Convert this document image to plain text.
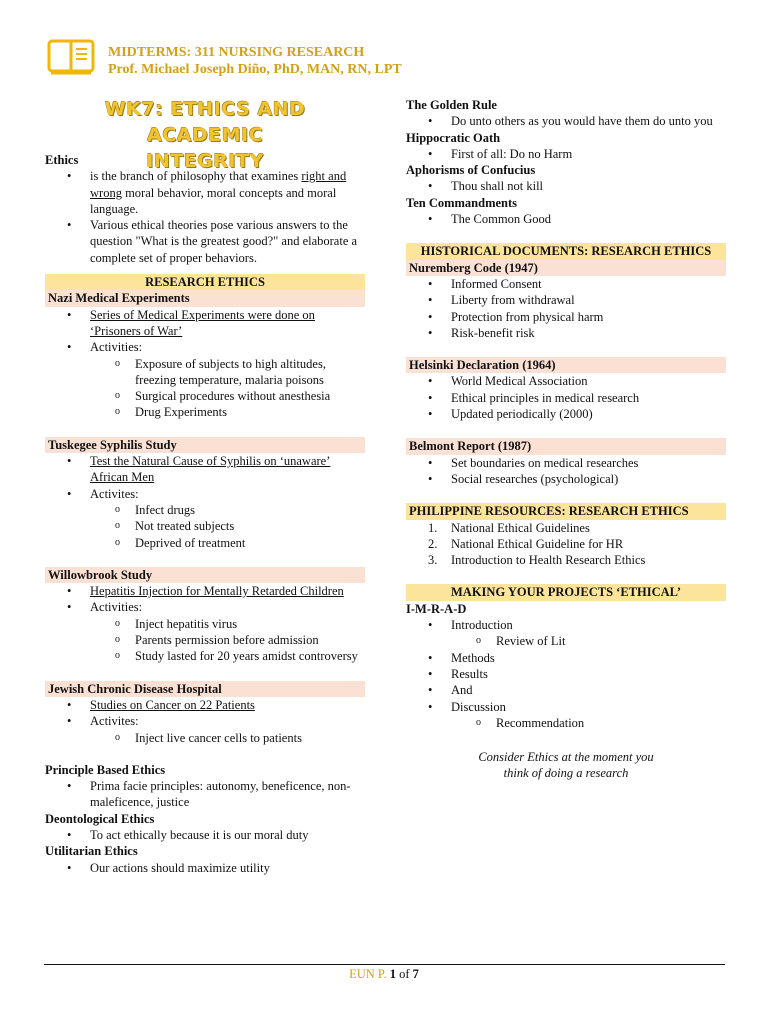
MIDTERMS: 311 NURSING RESEARCH
Prof. Michael Joseph Diño, PhD, MAN, RN, LPT
WK7: ETHICS AND ACADEMIC
INTEGRITY
Ethics
• is the branch of philosophy that examines right and wrong moral behavior, moral concepts and moral language.
• Various ethical theories pose various answers to the question "What is the greatest good?" and elaborate a complete set of proper behaviors.
RESEARCH ETHICS
Nazi Medical Experiments
• Series of Medical Experiments were done on ‘Prisoners of War’
• Activities:
o Exposure of subjects to high altitudes, freezing temperature, malaria poisons
o Surgical procedures without anesthesia
o Drug Experiments
Tuskegee Syphilis Study
• Test the Natural Cause of Syphilis on ‘unaware’ African Men
• Activites:
o Infect drugs
o Not treated subjects
o Deprived of treatment
Willowbrook Study
• Hepatitis Injection for Mentally Retarded Children
• Activities:
o Inject hepatitis virus
o Parents permission before admission
o Study lasted for 20 years amidst controversy
Jewish Chronic Disease Hospital
• Studies on Cancer on 22 Patients
• Activites:
o Inject live cancer cells to patients
Principle Based Ethics
• Prima facie principles: autonomy, beneficence, non-maleficence, justice
Deontological Ethics
• To act ethically because it is our moral duty
Utilitarian Ethics
• Our actions should maximize utility
The Golden Rule
• Do unto others as you would have them do unto you
Hippocratic Oath
• First of all: Do no Harm
Aphorisms of Confucius
• Thou shall not kill
Ten Commandments
• The Common Good
HISTORICAL DOCUMENTS: RESEARCH ETHICS
Nuremberg Code (1947)
• Informed Consent
• Liberty from withdrawal
• Protection from physical harm
• Risk-benefit risk
Helsinki Declaration (1964)
• World Medical Association
• Ethical principles in medical research
• Updated periodically (2000)
Belmont Report (1987)
• Set boundaries on medical researches
• Social researches (psychological)
PHILIPPINE RESOURCES: RESEARCH ETHICS
1. National Ethical Guidelines
2. National Ethical Guideline for HR
3. Introduction to Health Research Ethics
MAKING YOUR PROJECTS ‘ETHICAL’
I-M-R-A-D
• Introduction
o Review of Lit
• Methods
• Results
• And
• Discussion
o Recommendation
Consider Ethics at the moment you think of doing a research
EUN P. 1 of 7
